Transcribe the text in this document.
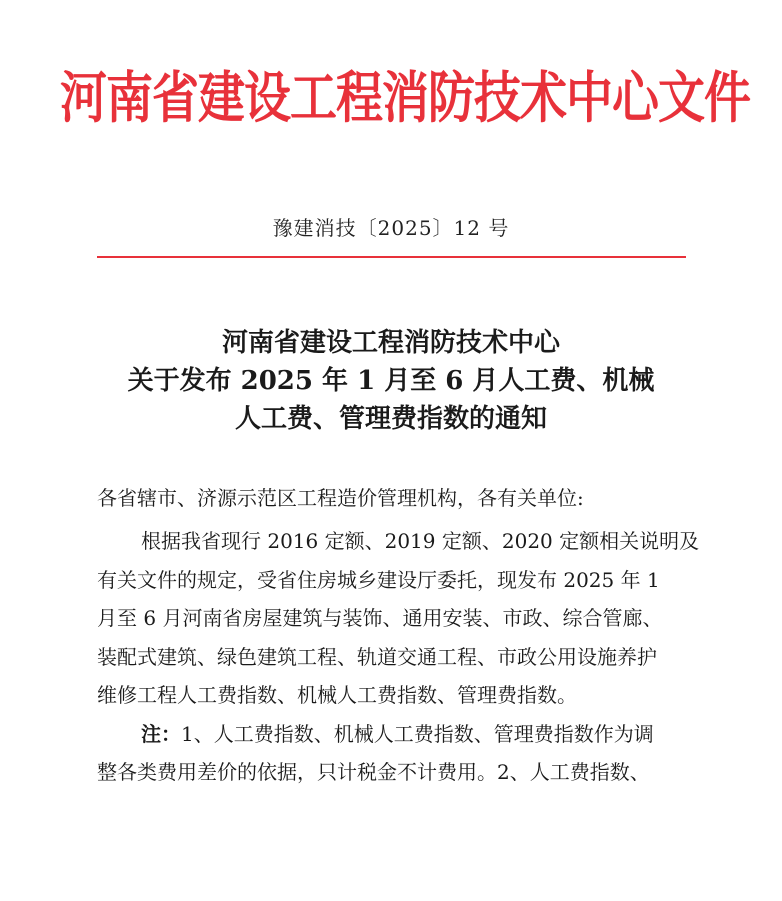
河南省建设工程消防技术中心文件
豫建消技〔2025〕12 号
河南省建设工程消防技术中心
关于发布 2025 年 1 月至 6 月人工费、机械
人工费、管理费指数的通知
各省辖市、济源示范区工程造价管理机构，各有关单位:
根据我省现行 2016 定额、2019 定额、2020 定额相关说明及
有关文件的规定，受省住房城乡建设厅委托，现发布 2025 年 1
月至 6 月河南省房屋建筑与装饰、通用安装、市政、综合管廊、
装配式建筑、绿色建筑工程、轨道交通工程、市政公用设施养护
维修工程人工费指数、机械人工费指数、管理费指数。
注：1、人工费指数、机械人工费指数、管理费指数作为调
整各类费用差价的依据，只计税金不计费用。2、人工费指数、
